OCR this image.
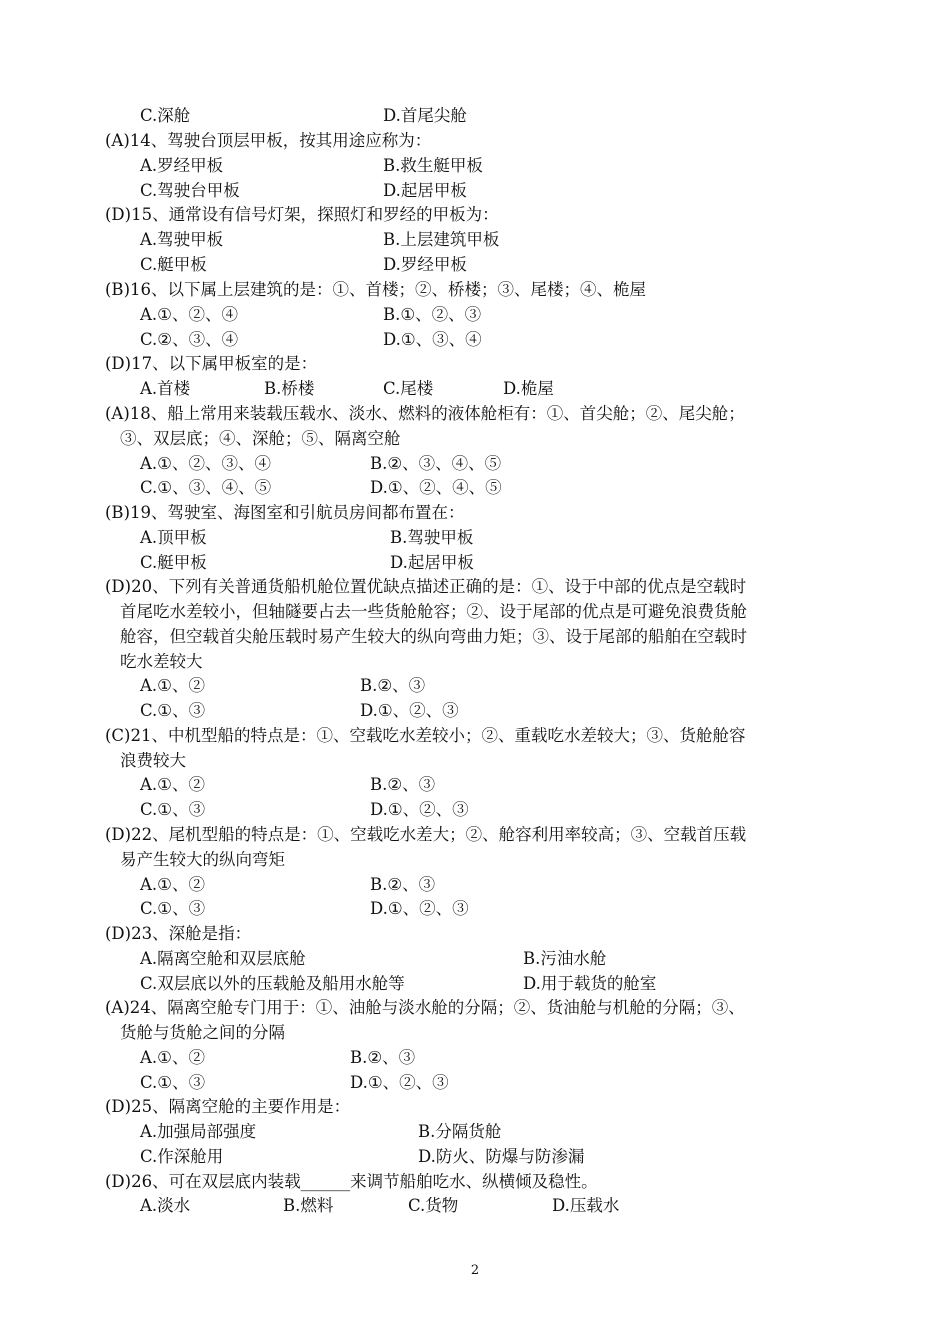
C.深舱	D.首尾尖舱
(A)14、驾驶台顶层甲板，按其用途应称为：
A.罗经甲板	B.救生艇甲板
C.驾驶台甲板	D.起居甲板
(D)15、通常设有信号灯架，探照灯和罗经的甲板为：
A.驾驶甲板	B.上层建筑甲板
C.艇甲板	D.罗经甲板
(B)16、以下属上层建筑的是：①、首楼；②、桥楼；③、尾楼；④、桅屋
A.①、②、④	B.①、②、③
C.②、③、④	D.①、③、④
(D)17、以下属甲板室的是：
A.首楼	B.桥楼	C.尾楼	D.桅屋
(A)18、船上常用来装载压载水、淡水、燃料的液体舱柜有：①、首尖舱；②、尾尖舱；
③、双层底；④、深舱；⑤、隔离空舱
A.①、②、③、④	B.②、③、④、⑤
C.①、③、④、⑤	D.①、②、④、⑤
(B)19、驾驶室、海图室和引航员房间都布置在：
A.顶甲板	B.驾驶甲板
C.艇甲板	D.起居甲板
(D)20、下列有关普通货船机舱位置优缺点描述正确的是：①、设于中部的优点是空载时
首尾吃水差较小，但轴隧要占去一些货舱舱容；②、设于尾部的优点是可避免浪费货舱
舱容，但空载首尖舱压载时易产生较大的纵向弯曲力矩；③、设于尾部的船舶在空载时
吃水差较大
A.①、②	B.②、③
C.①、③	D.①、②、③
(C)21、中机型船的特点是：①、空载吃水差较小；②、重载吃水差较大；③、货舱舱容
浪费较大
A.①、②	B.②、③
C.①、③	D.①、②、③
(D)22、尾机型船的特点是：①、空载吃水差大；②、舱容利用率较高；③、空载首压载
易产生较大的纵向弯矩
A.①、②	B.②、③
C.①、③	D.①、②、③
(D)23、深舱是指：
A.隔离空舱和双层底舱	B.污油水舱
C.双层底以外的压载舱及船用水舱等	D.用于载货的舱室
(A)24、隔离空舱专门用于：①、油舱与淡水舱的分隔；②、货油舱与机舱的分隔；③、
货舱与货舱之间的分隔
A.①、②	B.②、③
C.①、③	D.①、②、③
(D)25、隔离空舱的主要作用是：
A.加强局部强度	B.分隔货舱
C.作深舱用	D.防火、防爆与防渗漏
(D)26、可在双层底内装载______来调节船舶吃水、纵横倾及稳性。
A.淡水	B.燃料	C.货物	D.压载水
2
